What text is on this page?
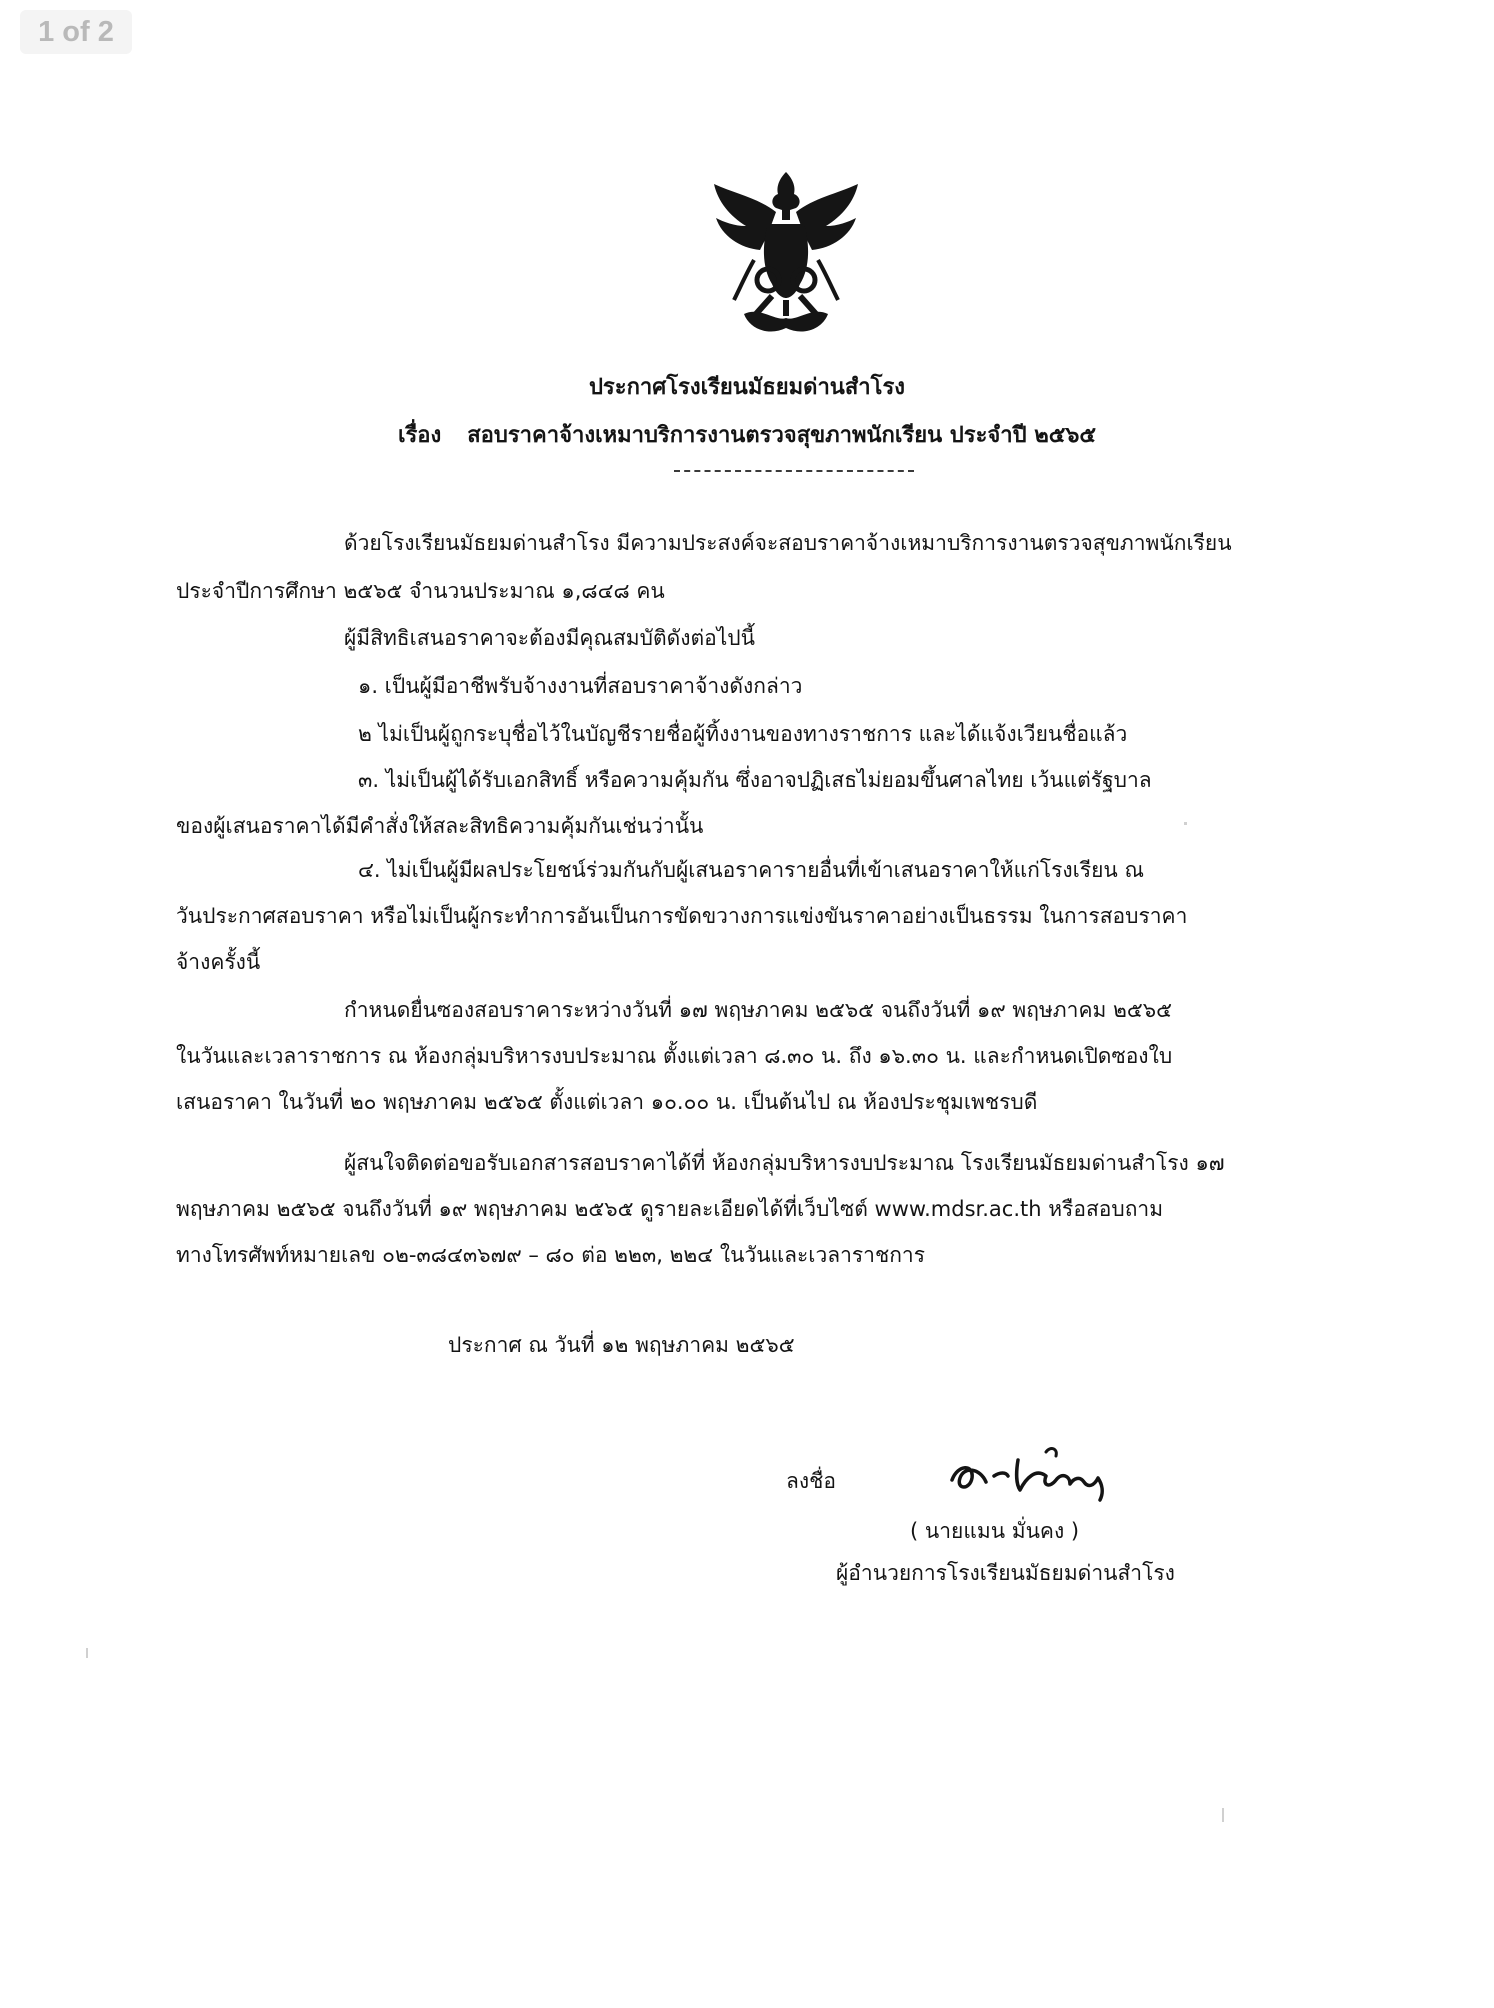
1 of 2
ประกาศโรงเรียนมัธยมด่านสำโรง
เรื่อง สอบราคาจ้างเหมาบริการงานตรวจสุขภาพนักเรียน ประจำปี ๒๕๖๕
ด้วยโรงเรียนมัธยมด่านสำโรง มีความประสงค์จะสอบราคาจ้างเหมาบริการงานตรวจสุขภาพนักเรียน
ประจำปีการศึกษา ๒๕๖๕ จำนวนประมาณ ๑,๘๔๘ คน
ผู้มีสิทธิเสนอราคาจะต้องมีคุณสมบัติดังต่อไปนี้
๑. เป็นผู้มีอาชีพรับจ้างงานที่สอบราคาจ้างดังกล่าว
๒ ไม่เป็นผู้ถูกระบุชื่อไว้ในบัญชีรายชื่อผู้ทิ้งงานของทางราชการ และได้แจ้งเวียนชื่อแล้ว
๓. ไม่เป็นผู้ได้รับเอกสิทธิ์ หรือความคุ้มกัน ซึ่งอาจปฏิเสธไม่ยอมขึ้นศาลไทย เว้นแต่รัฐบาล
ของผู้เสนอราคาได้มีคำสั่งให้สละสิทธิความคุ้มกันเช่นว่านั้น
๔. ไม่เป็นผู้มีผลประโยชน์ร่วมกันกับผู้เสนอราคารายอื่นที่เข้าเสนอราคาให้แก่โรงเรียน ณ
วันประกาศสอบราคา หรือไม่เป็นผู้กระทำการอันเป็นการขัดขวางการแข่งขันราคาอย่างเป็นธรรม ในการสอบราคา
จ้างครั้งนี้
กำหนดยื่นซองสอบราคาระหว่างวันที่ ๑๗ พฤษภาคม ๒๕๖๕ จนถึงวันที่ ๑๙ พฤษภาคม ๒๕๖๕
ในวันและเวลาราชการ ณ ห้องกลุ่มบริหารงบประมาณ ตั้งแต่เวลา ๘.๓๐ น. ถึง ๑๖.๓๐ น. และกำหนดเปิดซองใบ
เสนอราคา ในวันที่ ๒๐ พฤษภาคม ๒๕๖๕ ตั้งแต่เวลา ๑๐.๐๐ น. เป็นต้นไป ณ ห้องประชุมเพชรบดี
ผู้สนใจติดต่อขอรับเอกสารสอบราคาได้ที่ ห้องกลุ่มบริหารงบประมาณ โรงเรียนมัธยมด่านสำโรง ๑๗
พฤษภาคม ๒๕๖๕ จนถึงวันที่ ๑๙ พฤษภาคม ๒๕๖๕ ดูรายละเอียดได้ที่เว็บไซต์ www.mdsr.ac.th หรือสอบถาม
ทางโทรศัพท์หมายเลข ๐๒-๓๘๔๓๖๗๙ – ๘๐ ต่อ ๒๒๓, ๒๒๔ ในวันและเวลาราชการ
ประกาศ ณ วันที่ ๑๒ พฤษภาคม ๒๕๖๕
ลงชื่อ
( นายแมน มั่นคง )
ผู้อำนวยการโรงเรียนมัธยมด่านสำโรง
